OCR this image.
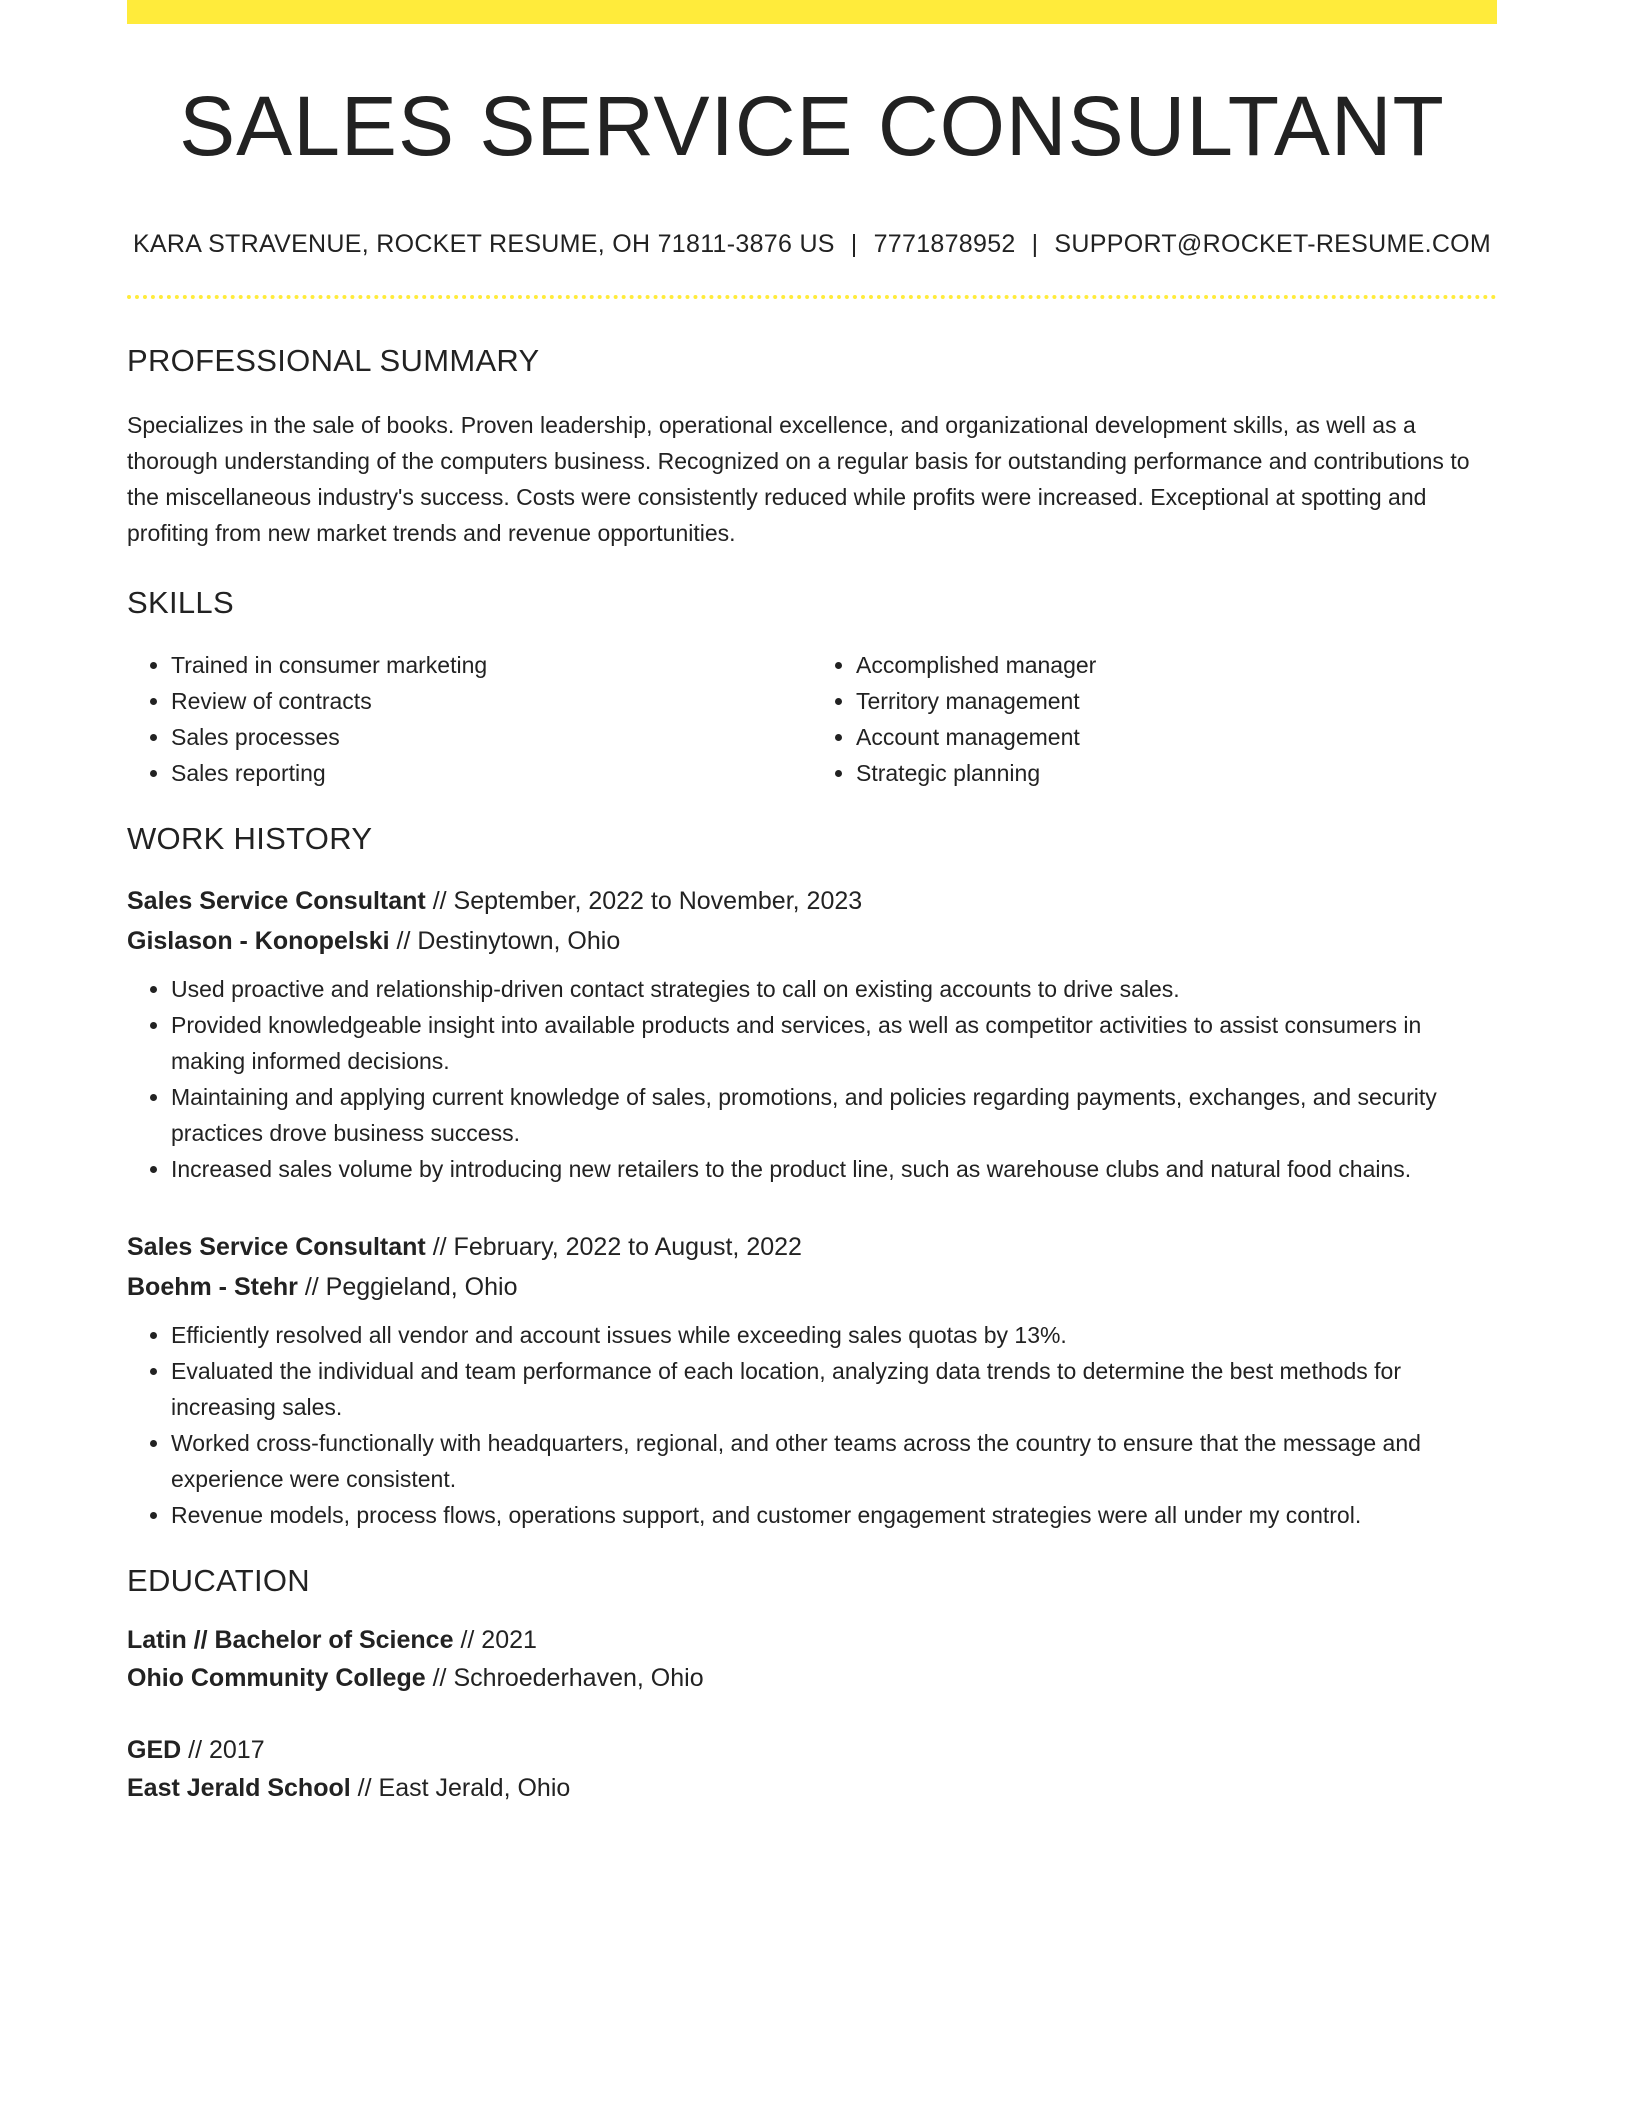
SALES SERVICE CONSULTANT
KARA STRAVENUE, ROCKET RESUME, OH 71811-3876 US | 7771878952 | SUPPORT@ROCKET-RESUME.COM
PROFESSIONAL SUMMARY

Specializes in the sale of books. Proven leadership, operational excellence, and organizational development skills, as well as a thorough understanding of the computers business. Recognized on a regular basis for outstanding performance and contributions to the miscellaneous industry's success. Costs were consistently reduced while profits were increased. Exceptional at spotting and profiting from new market trends and revenue opportunities.

SKILLS
• Trained in consumer marketing
• Review of contracts
• Sales processes
• Sales reporting
• Accomplished manager
• Territory management
• Account management
• Strategic planning
WORK HISTORY
Sales Service Consultant // September, 2022 to November, 2023
Gislason - Konopelski // Destinytown, Ohio
• Used proactive and relationship-driven contact strategies to call on existing accounts to drive sales.
• Provided knowledgeable insight into available products and services, as well as competitor activities to assist consumers in making informed decisions.
• Maintaining and applying current knowledge of sales, promotions, and policies regarding payments, exchanges, and security practices drove business success.
• Increased sales volume by introducing new retailers to the product line, such as warehouse clubs and natural food chains.
Sales Service Consultant // February, 2022 to August, 2022
Boehm - Stehr // Peggieland, Ohio
• Efficiently resolved all vendor and account issues while exceeding sales quotas by 13%.
• Evaluated the individual and team performance of each location, analyzing data trends to determine the best methods for increasing sales.
• Worked cross-functionally with headquarters, regional, and other teams across the country to ensure that the message and experience were consistent.
• Revenue models, process flows, operations support, and customer engagement strategies were all under my control.
EDUCATION
Latin // Bachelor of Science // 2021
Ohio Community College // Schroederhaven, Ohio
GED // 2017
East Jerald School // East Jerald, Ohio
